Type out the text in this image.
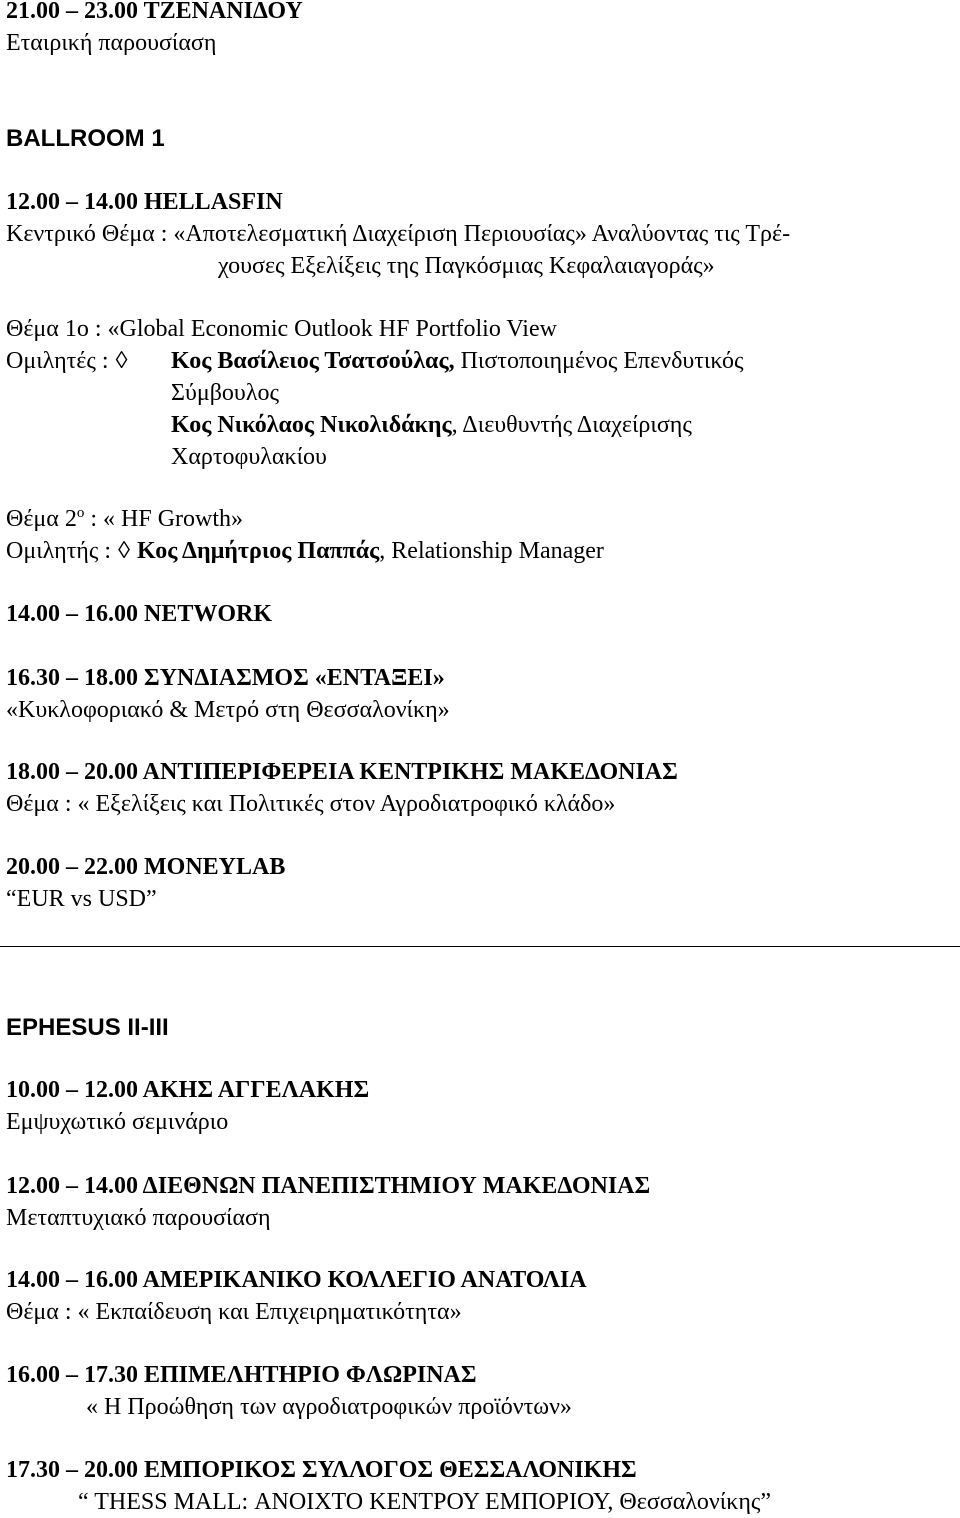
21.00 – 23.00 ΤΖΕΝΑΝΙΔΟΥ
Εταιρική παρουσίαση
BALLROOM 1
12.00 – 14.00 HELLASFIN
Κεντρικό Θέμα : «Αποτελεσματική Διαχείριση Περιουσίας» Αναλύοντας τις Τρέ-
χουσες Εξελίξεις της Παγκόσμιας Κεφαλαιαγοράς»
Θέμα 1ο : «Global Economic Outlook HF Portfolio View
Ομιλητές : ◊ Κος Βασίλειος Τσατσούλας, Πιστοποιημένος Επενδυτικός
Σύμβουλος
Κος Νικόλαος Νικολιδάκης, Διευθυντής Διαχείρισης
Χαρτοφυλακίου
Θέμα $2^o$ : « HF Growth»
Ομιλητής : ◊ Κος Δημήτριος Παππάς, Relationship Manager
14.00 – 16.00 NETWORK
16.30 – 18.00 ΣΥΝΔΙΑΣΜΟΣ «ΕΝΤΑΞΕΙ»
«Κυκλοφοριακό & Μετρό στη Θεσσαλονίκη»
18.00 – 20.00 ΑΝΤΙΠΕΡΙΦΕΡΕΙΑ ΚΕΝΤΡΙΚΗΣ ΜΑΚΕΔΟΝΙΑΣ
Θέμα : « Εξελίξεις και Πολιτικές στον Αγροδιατροφικό κλάδο»
20.00 – 22.00 MONEYLAB
“EUR vs USD”
EPHESUS II-III
10.00 – 12.00 ΑΚΗΣ ΑΓΓΕΛΑΚΗΣ
Εμψυχωτικό σεμινάριο
12.00 – 14.00 ΔΙΕΘΝΩΝ ΠΑΝΕΠΙΣΤΗΜΙΟΥ ΜΑΚΕΔΟΝΙΑΣ
Μεταπτυχιακό παρουσίαση
14.00 – 16.00 ΑΜΕΡΙΚΑΝΙΚΟ ΚΟΛΛΕΓΙΟ ΑΝΑΤΟΛΙΑ
Θέμα : « Εκπαίδευση και Επιχειρηματικότητα»
16.00 – 17.30 ΕΠΙΜΕΛΗΤΗΡΙΟ ΦΛΩΡΙΝΑΣ
« Η Προώθηση των αγροδιατροφικών προϊόντων»
17.30 – 20.00 ΕΜΠΟΡΙΚΟΣ ΣΥΛΛΟΓΟΣ ΘΕΣΣΑΛΟΝΙΚΗΣ
“ THESS MALL: ΑΝΟΙΧΤΟ ΚΕΝΤΡΟΥ ΕΜΠΟΡΙΟΥ, Θεσσαλονίκης”
